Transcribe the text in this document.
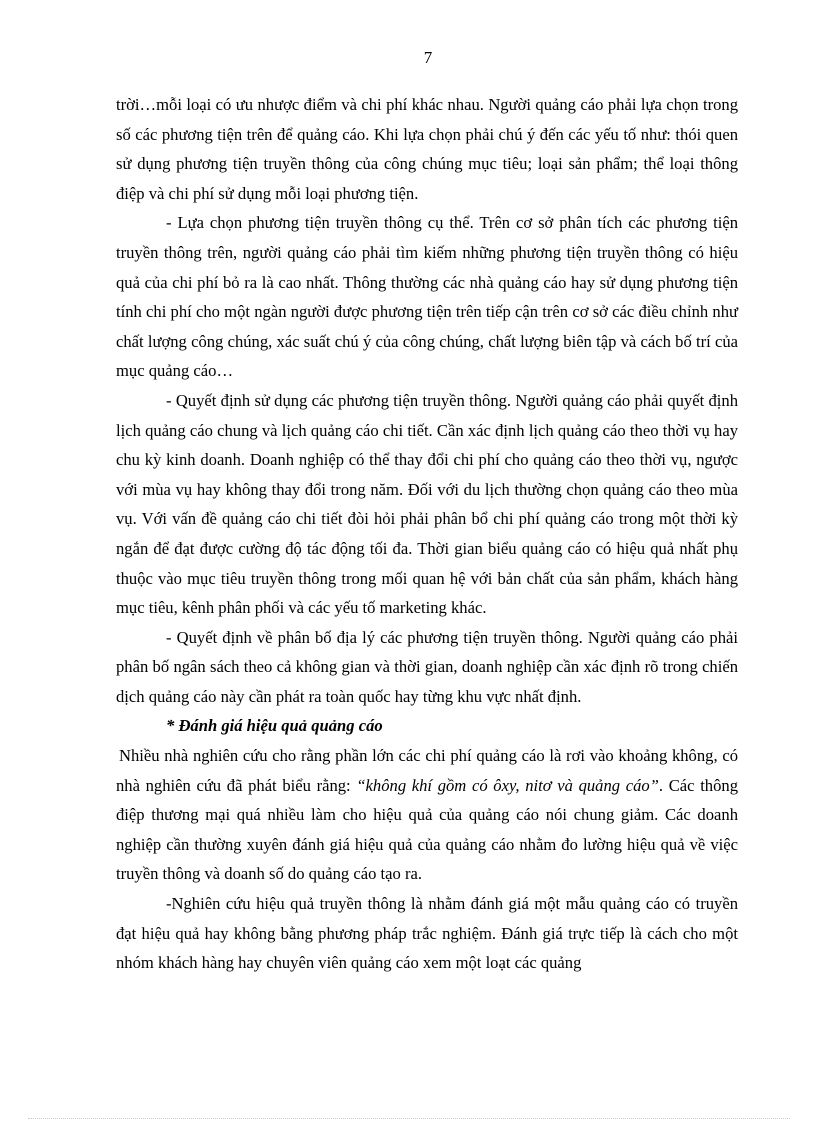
7

trời…mỗi loại có ưu nhược điểm và chi phí khác nhau. Người quảng cáo phải lựa chọn trong số các phương tiện trên để quảng cáo. Khi lựa chọn phải chú ý đến các yếu tố như: thói quen sử dụng phương tiện truyền thông của công chúng mục tiêu; loại sản phẩm; thể loại thông điệp và chi phí sử dụng mỗi loại phương tiện.

- Lựa chọn phương tiện truyền thông cụ thể. Trên cơ sở phân tích các phương tiện truyền thông trên, người quảng cáo phải tìm kiếm những phương tiện truyền thông có hiệu quả của chi phí bỏ ra là cao nhất. Thông thường các nhà quảng cáo hay sử dụng phương tiện tính chi phí cho một ngàn người được phương tiện trên tiếp cận trên cơ sở các điều chỉnh như chất lượng công chúng, xác suất chú ý của công chúng, chất lượng biên tập và cách bố trí của mục quảng cáo…

- Quyết định sử dụng các phương tiện truyền thông. Người quảng cáo phải quyết định lịch quảng cáo chung và lịch quảng cáo chi tiết. Cần xác định lịch quảng cáo theo thời vụ hay chu kỳ kinh doanh. Doanh nghiệp có thể thay đổi chi phí cho quảng cáo theo thời vụ, ngược với mùa vụ hay không thay đổi trong năm. Đối với du lịch thường chọn quảng cáo theo mùa vụ. Với vấn đề quảng cáo chi tiết đòi hỏi phải phân bổ chi phí quảng cáo trong một thời kỳ ngắn để đạt được cường độ tác động tối đa. Thời gian biểu quảng cáo có hiệu quả nhất phụ thuộc vào mục tiêu truyền thông trong mối quan hệ với bản chất của sản phẩm, khách hàng mục tiêu, kênh phân phối và các yếu tố marketing khác.

- Quyết định về phân bố địa lý các phương tiện truyền thông. Người quảng cáo phải phân bố ngân sách theo cả không gian và thời gian, doanh nghiệp cần xác định rõ trong chiến dịch quảng cáo này cần phát ra toàn quốc hay từng khu vực nhất định.

* Đánh giá hiệu quả quảng cáo

Nhiều nhà nghiên cứu cho rằng phần lớn các chi phí quảng cáo là rơi vào khoảng không, có nhà nghiên cứu đã phát biểu rằng: “không khí gồm có ôxy, nitơ và quảng cáo”. Các thông điệp thương mại quá nhiều làm cho hiệu quả của quảng cáo nói chung giảm. Các doanh nghiệp cần thường xuyên đánh giá hiệu quả của quảng cáo nhằm đo lường hiệu quả về việc truyền thông và doanh số do quảng cáo tạo ra.

-Nghiên cứu hiệu quả truyền thông là nhằm đánh giá một mẫu quảng cáo có truyền đạt hiệu quả hay không bằng phương pháp trắc nghiệm. Đánh giá trực tiếp là cách cho một nhóm khách hàng hay chuyên viên quảng cáo xem một loạt các quảng
